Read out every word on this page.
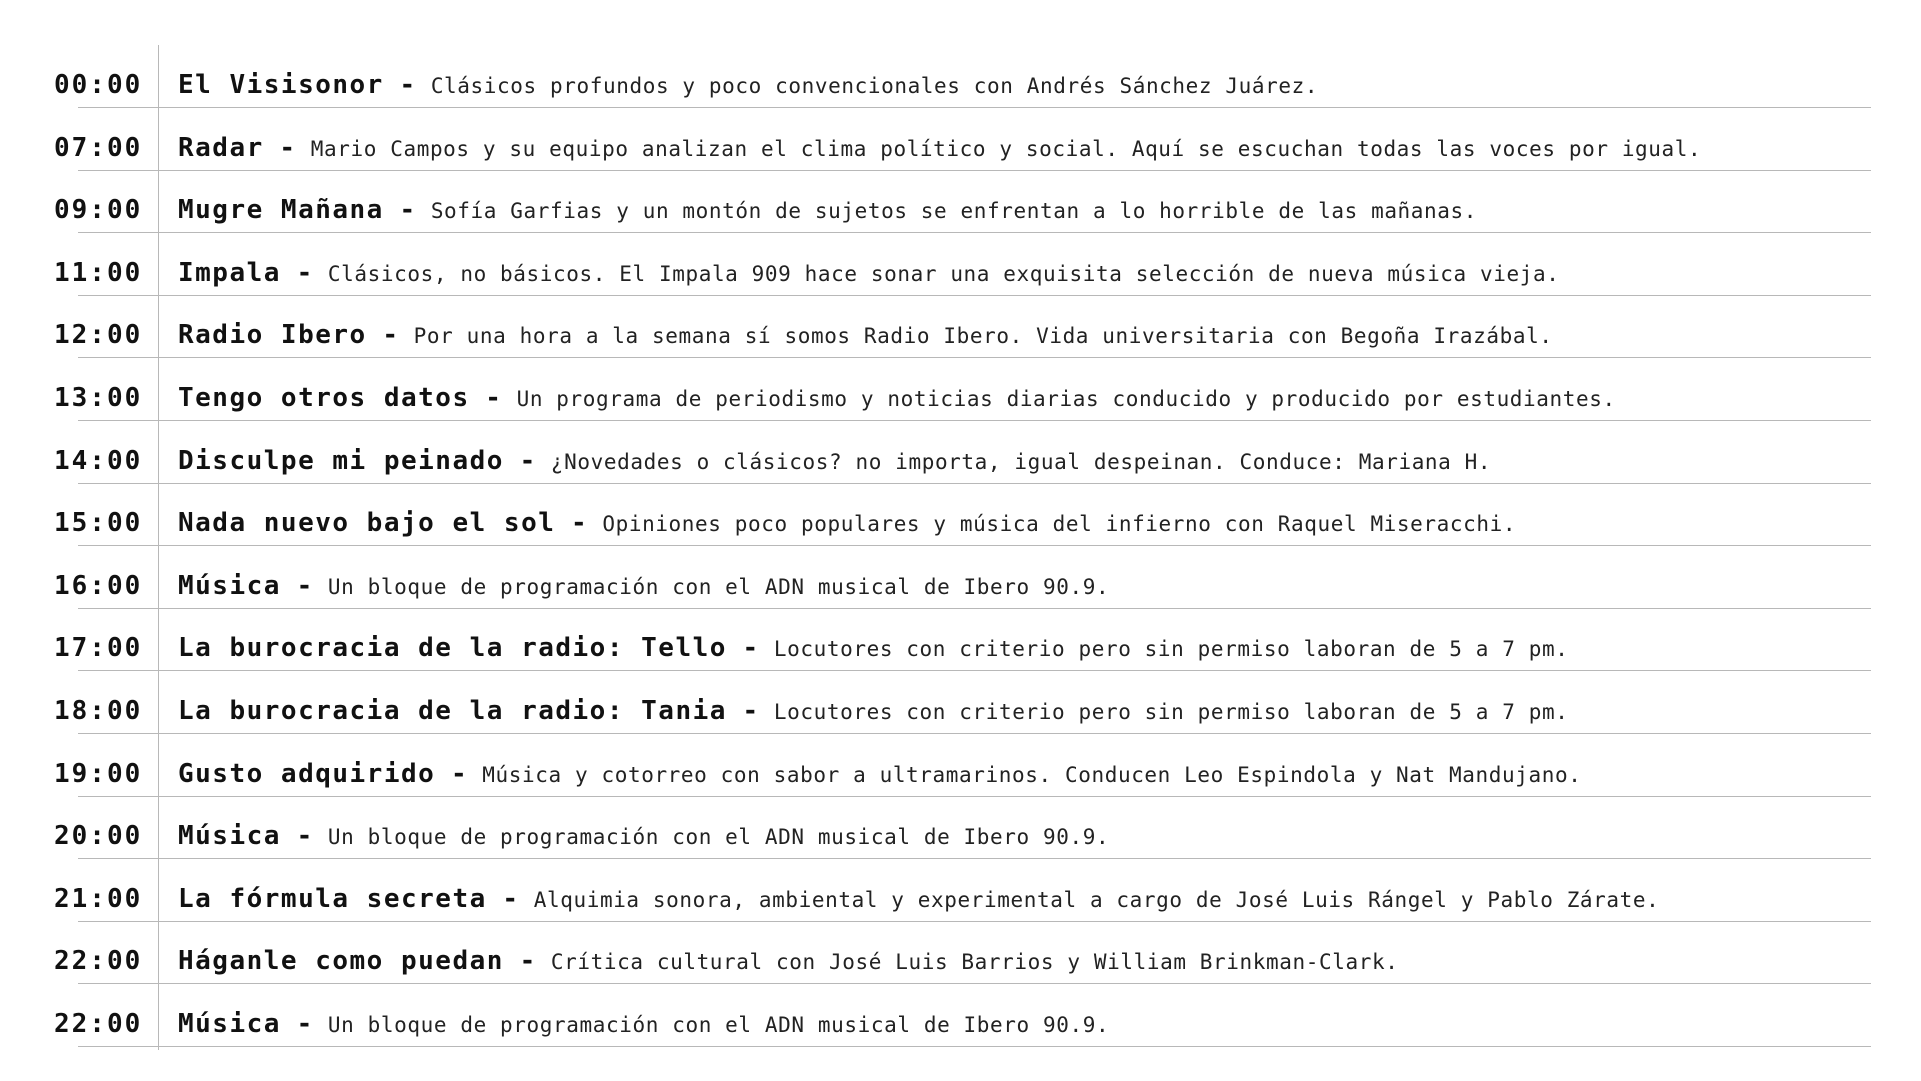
00:00 El Visisonor - Clásicos profundos y poco convencionales con Andrés Sánchez Juárez.
07:00 Radar - Mario Campos y su equipo analizan el clima político y social. Aquí se escuchan todas las voces por igual.
09:00 Mugre Mañana - Sofía Garfias y un montón de sujetos se enfrentan a lo horrible de las mañanas.
11:00 Impala - Clásicos, no básicos. El Impala 909 hace sonar una exquisita selección de nueva música vieja.
12:00 Radio Ibero - Por una hora a la semana sí somos Radio Ibero. Vida universitaria con Begoña Irazábal.
13:00 Tengo otros datos - Un programa de periodismo y noticias diarias conducido y producido por estudiantes.
14:00 Disculpe mi peinado - ¿Novedades o clásicos? no importa, igual despeinan. Conduce: Mariana H.
15:00 Nada nuevo bajo el sol - Opiniones poco populares y música del infierno con Raquel Miseracchi.
16:00 Música - Un bloque de programación con el ADN musical de Ibero 90.9.
17:00 La burocracia de la radio: Tello - Locutores con criterio pero sin permiso laboran de 5 a 7 pm.
18:00 La burocracia de la radio: Tania - Locutores con criterio pero sin permiso laboran de 5 a 7 pm.
19:00 Gusto adquirido - Música y cotorreo con sabor a ultramarinos. Conducen Leo Espindola y Nat Mandujano.
20:00 Música - Un bloque de programación con el ADN musical de Ibero 90.9.
21:00 La fórmula secreta - Alquimia sonora, ambiental y experimental a cargo de José Luis Rángel y Pablo Zárate.
22:00 Háganle como puedan - Crítica cultural con José Luis Barrios y William Brinkman-Clark.
22:00 Música - Un bloque de programación con el ADN musical de Ibero 90.9.
